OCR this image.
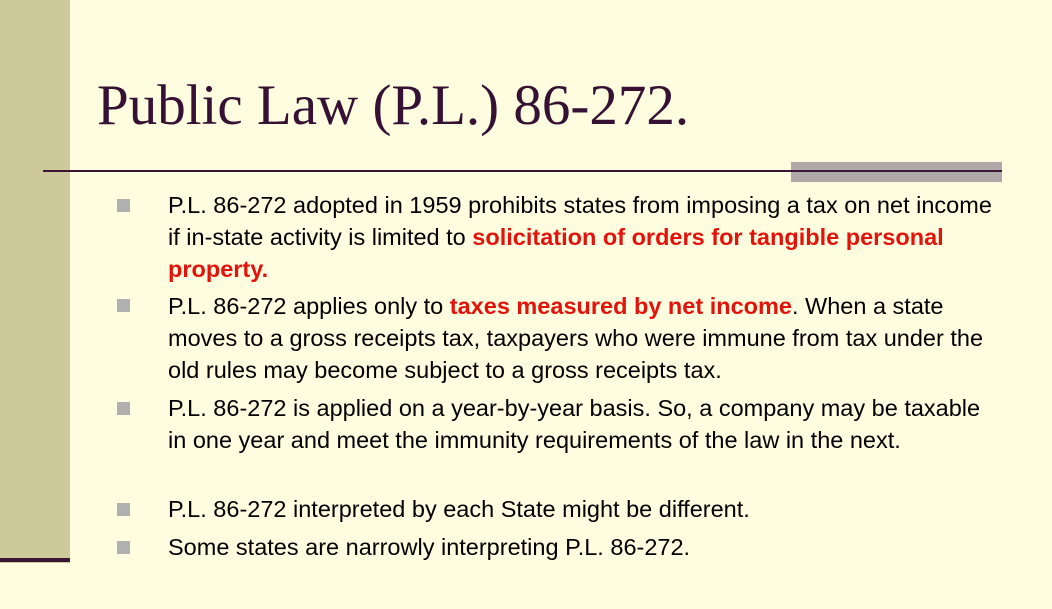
Public Law (P.L.) 86-272.

P.L. 86-272 adopted in 1959 prohibits states from imposing a tax on net income if in-state activity is limited to solicitation of orders for tangible personal property.

P.L. 86-272 applies only to taxes measured by net income. When a state moves to a gross receipts tax, taxpayers who were immune from tax under the old rules may become subject to a gross receipts tax.

P.L. 86-272 is applied on a year-by-year basis. So, a company may be taxable in one year and meet the immunity requirements of the law in the next.

P.L. 86-272 interpreted by each State might be different.

Some states are narrowly interpreting P.L. 86-272.
